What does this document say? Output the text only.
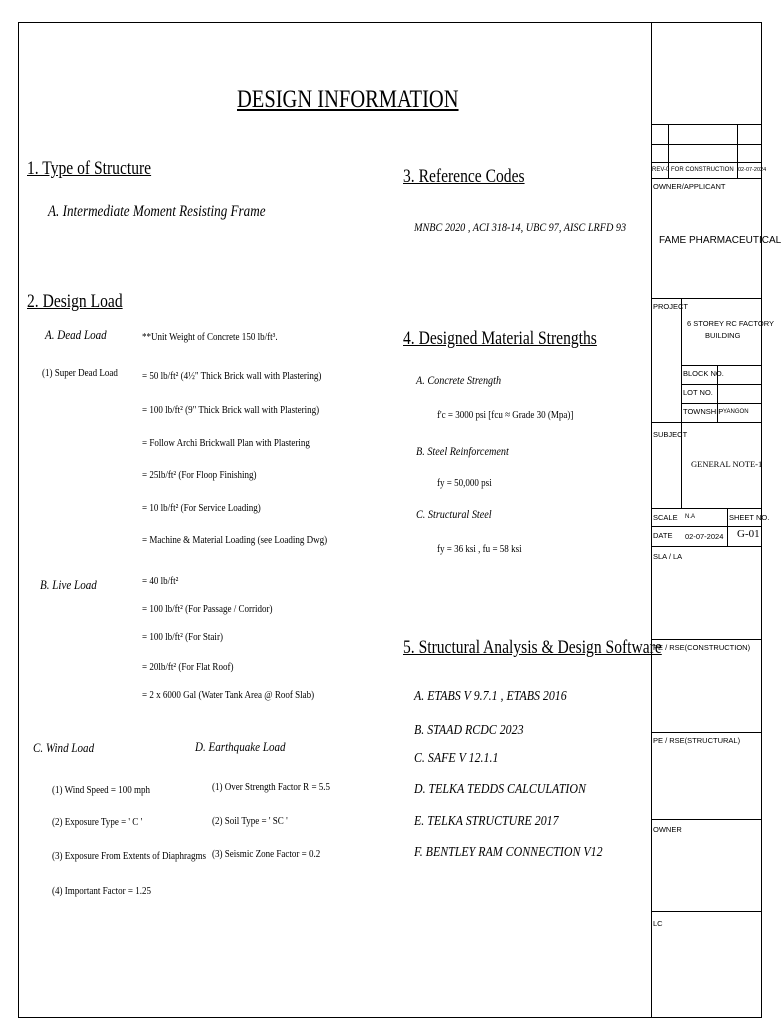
DESIGN INFORMATION
1. Type of Structure
A. Intermediate Moment Resisting Frame
2. Design Load
A. Dead Load	**Unit Weight of Concrete 150 lb/ft³.
(1) Super Dead Load = 50 lb/ft² (4½" Thick Brick wall with Plastering)
= 100 lb/ft² (9" Thick Brick wall with Plastering)
= Follow Archi Brickwall Plan with Plastering
= 25lb/ft² (For Floop Finishing)
= 10 lb/ft² (For Service Loading)
= Machine & Material Loading (see Loading Dwg)
B. Live Load	= 40 lb/ft²
= 100 lb/ft² (For Passage / Corridor)
= 100 lb/ft² (For Stair)
= 20lb/ft² (For Flat Roof)
= 2 x 6000 Gal (Water Tank Area @ Roof Slab)
C. Wind Load	D. Earthquake Load
(1) Wind Speed = 100 mph
(2) Exposure Type = ' C '
(3) Exposure From Extents of Diaphragms
(4) Important Factor = 1.25
(1) Over Strength Factor R = 5.5
(2) Soil Type = ' SC '
(3) Seismic Zone Factor = 0.2
3. Reference Codes
MNBC 2020 , ACI 318-14, UBC 97, AISC LRFD 93
4. Designed Material Strengths
A. Concrete Strength
f'c = 3000 psi [fcu ≈ Grade 30 (Mpa)]
B. Steel Reinforcement
fy = 50,000 psi
C. Structural Steel
fy = 36 ksi , fu = 58 ksi
5. Structural Analysis & Design Software
A. ETABS V 9.7.1 , ETABS 2016
B. STAAD RCDC 2023
C. SAFE V 12.1.1
D. TELKA TEDDS CALCULATION
E. TELKA STRUCTURE 2017
F. BENTLEY RAM CONNECTION V12
REV-0 FOR CONSTRUCTION 02-07-2024
OWNER/APPLICANT
FAME PHARMACEUTICAL
PROJECT
6 STOREY RC FACTORY
BUILDING
BLOCK NO.
LOT NO.
TOWNSHIP YANGON
SUBJECT
GENERAL NOTE-1
SCALE N.A	SHEET NO.
DATE 02-07-2024 G-01
SLA / LA
PE / RSE(CONSTRUCTION)
PE / RSE(STRUCTURAL)
OWNER
LC
